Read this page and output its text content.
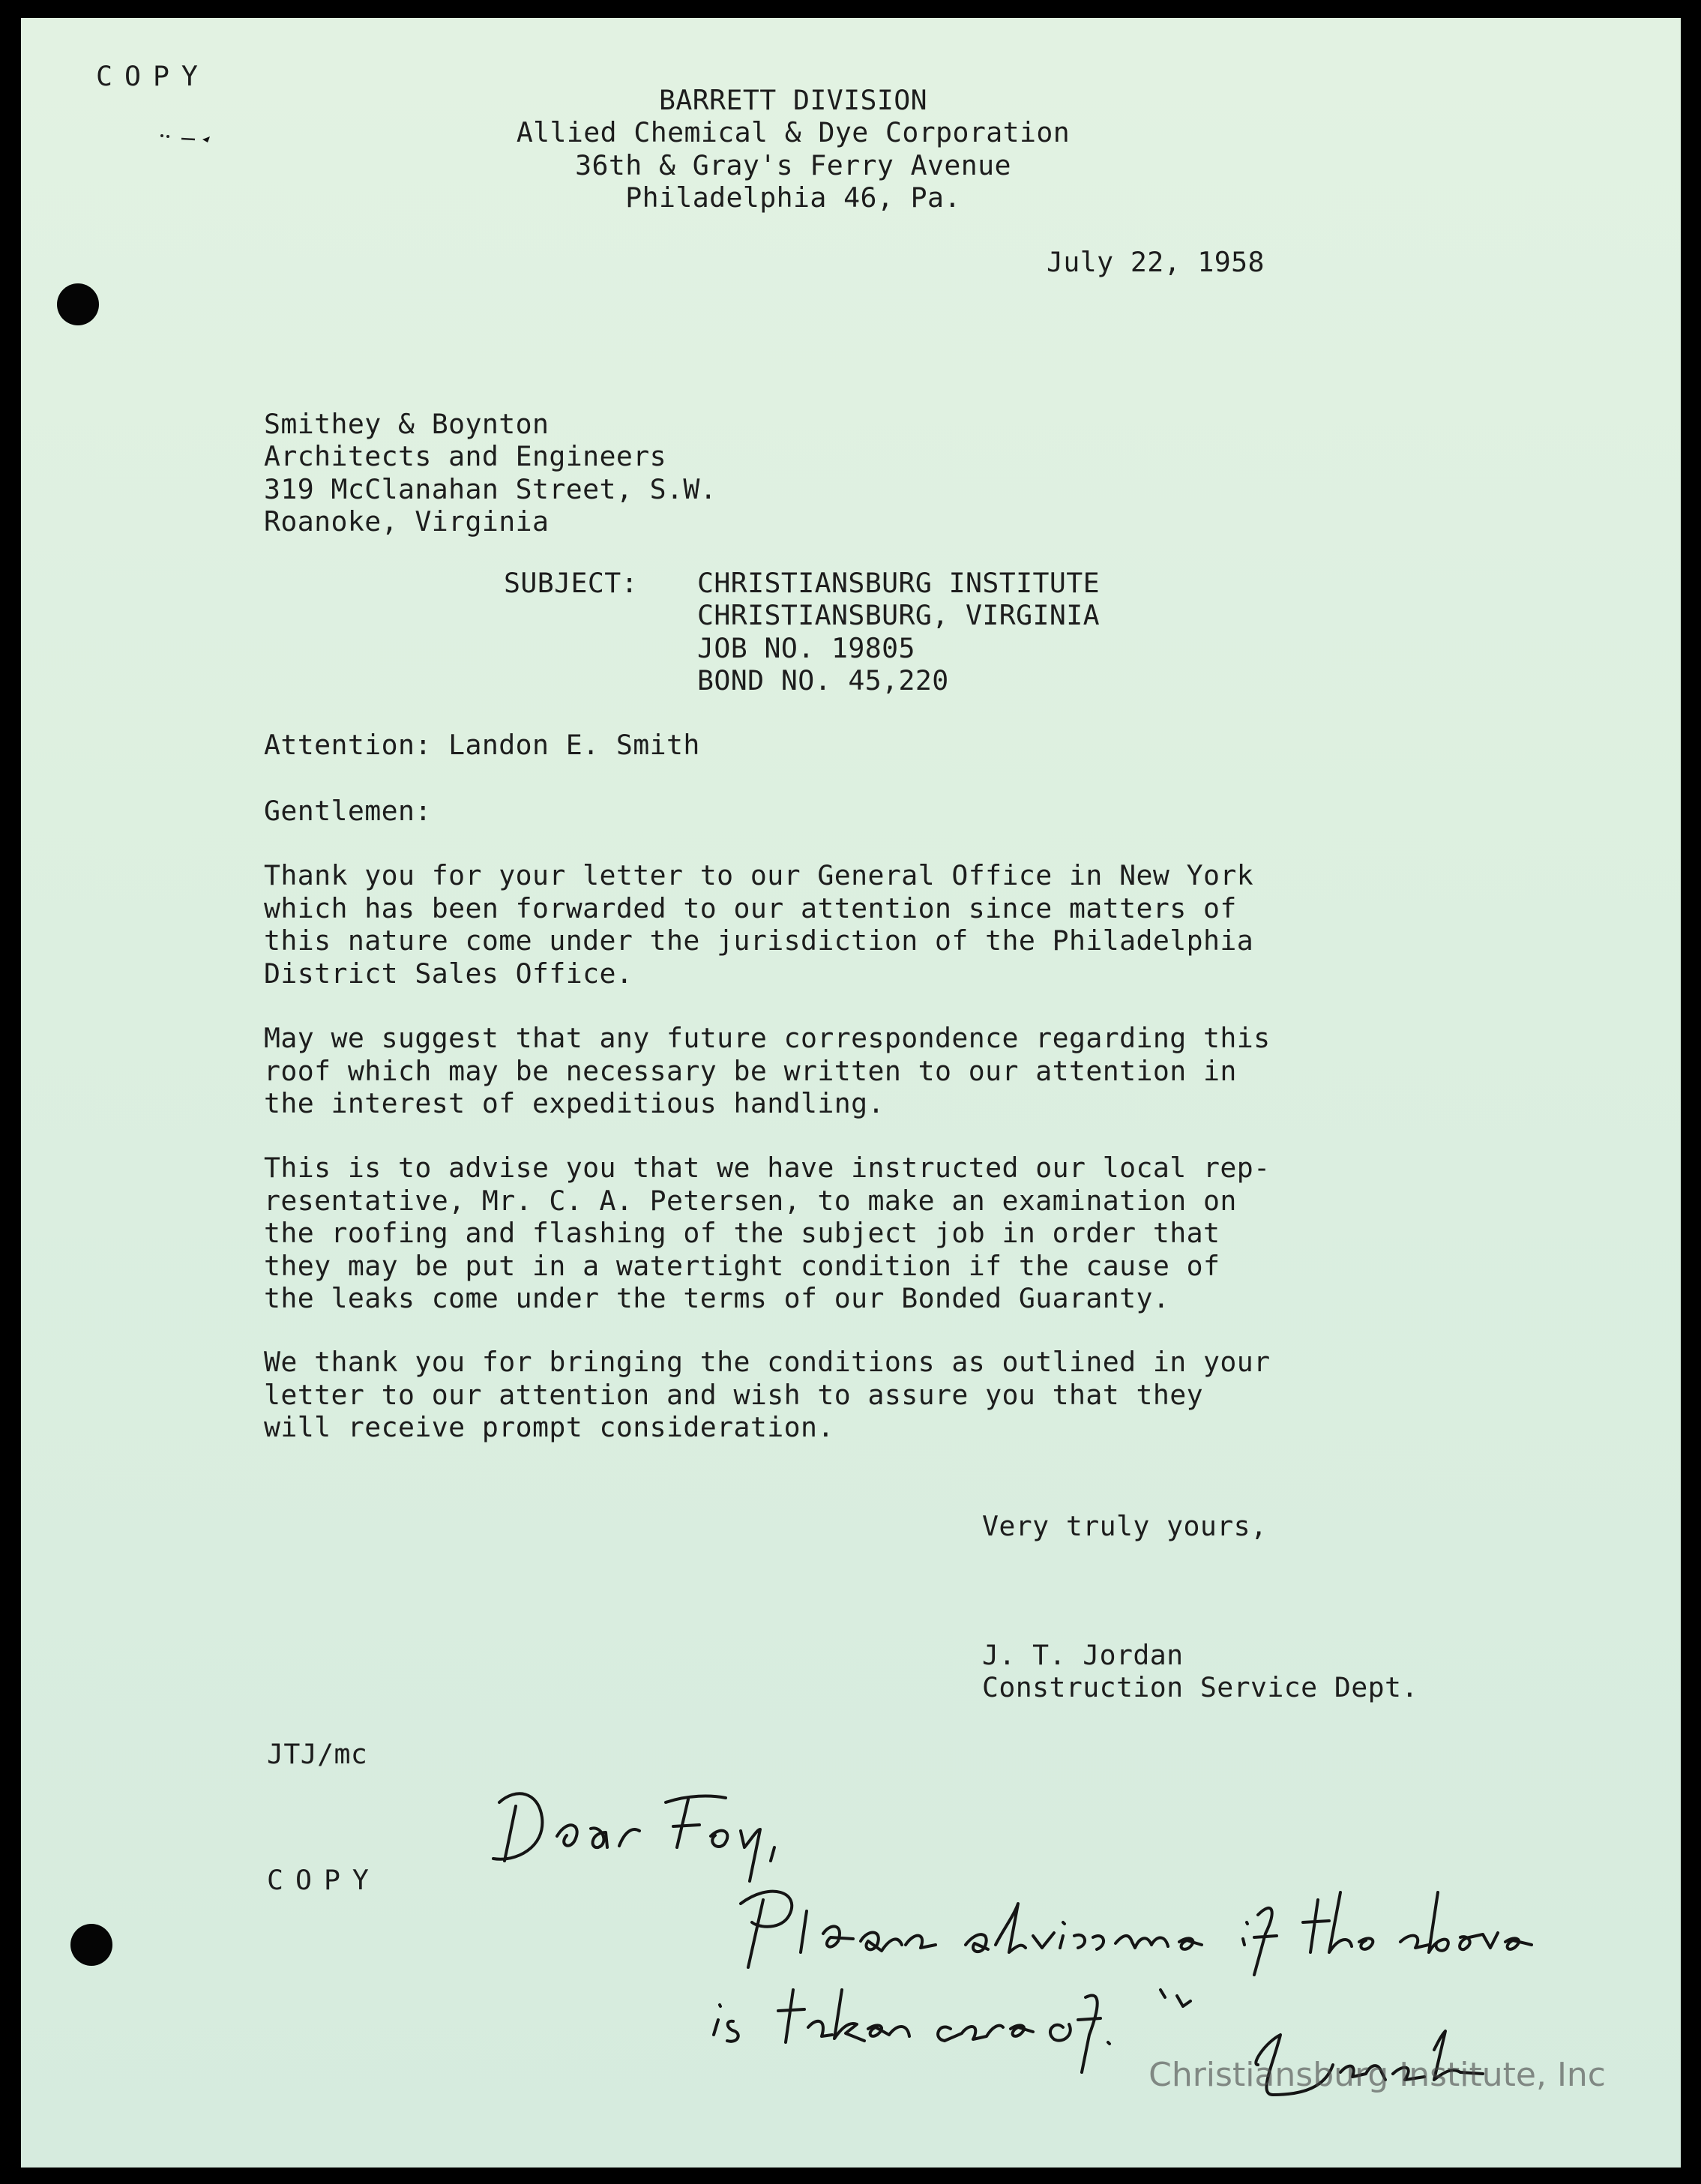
COPY
BARRETT DIVISION
Allied Chemical & Dye Corporation
36th & Gray's Ferry Avenue
Philadelphia 46, Pa.
July 22, 1958
Smithey & Boynton
Architects and Engineers
319 McClanahan Street, S.W.
Roanoke, Virginia
SUBJECT: CHRISTIANSBURG INSTITUTE
CHRISTIANSBURG, VIRGINIA
JOB NO. 19805
BOND NO. 45,220
Attention: Landon E. Smith
Gentlemen:
Thank you for your letter to our General Office in New York
which has been forwarded to our attention since matters of
this nature come under the jurisdiction of the Philadelphia
District Sales Office.
May we suggest that any future correspondence regarding this
roof which may be necessary be written to our attention in
the interest of expeditious handling.
This is to advise you that we have instructed our local rep-
resentative, Mr. C. A. Petersen, to make an examination on
the roofing and flashing of the subject job in order that
they may be put in a watertight condition if the cause of
the leaks come under the terms of our Bonded Guaranty.
We thank you for bringing the conditions as outlined in your
letter to our attention and wish to assure you that they
will receive prompt consideration.
Very truly yours,
J. T. Jordan
Construction Service Dept.
JTJ/mc
COPY
Christiansburg Institute, Inc
